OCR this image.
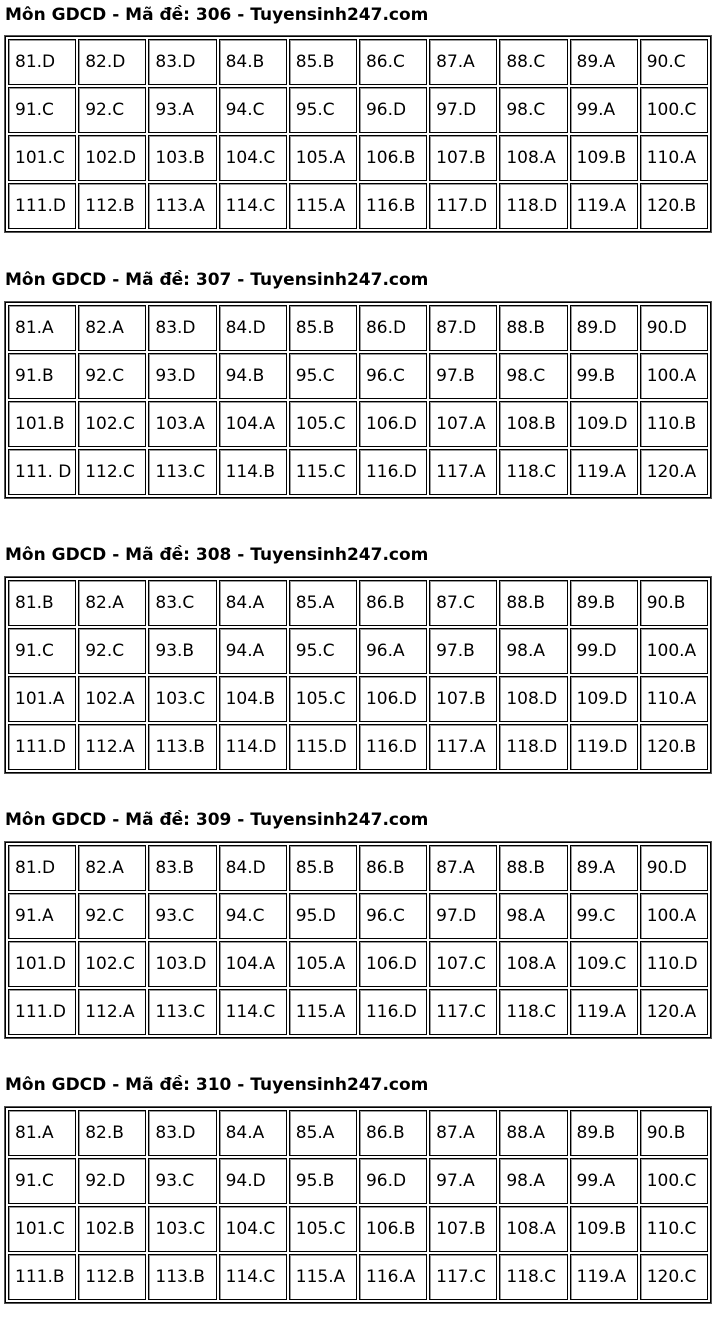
Môn GDCD - Mã đề: 306 - Tuyensinh247.com
81.D	82.D	83.D	84.B	85.B	86.C	87.A	88.C	89.A	90.C
91.C	92.C	93.A	94.C	95.C	96.D	97.D	98.C	99.A	100.C
101.C	102.D	103.B	104.C	105.A	106.B	107.B	108.A	109.B	110.A
111.D	112.B	113.A	114.C	115.A	116.B	117.D	118.D	119.A	120.B
Môn GDCD - Mã đề: 307 - Tuyensinh247.com
81.A	82.A	83.D	84.D	85.B	86.D	87.D	88.B	89.D	90.D
91.B	92.C	93.D	94.B	95.C	96.C	97.B	98.C	99.B	100.A
101.B	102.C	103.A	104.A	105.C	106.D	107.A	108.B	109.D	110.B
111. D	112.C	113.C	114.B	115.C	116.D	117.A	118.C	119.A	120.A
Môn GDCD - Mã đề: 308 - Tuyensinh247.com
81.B	82.A	83.C	84.A	85.A	86.B	87.C	88.B	89.B	90.B
91.C	92.C	93.B	94.A	95.C	96.A	97.B	98.A	99.D	100.A
101.A	102.A	103.C	104.B	105.C	106.D	107.B	108.D	109.D	110.A
111.D	112.A	113.B	114.D	115.D	116.D	117.A	118.D	119.D	120.B
Môn GDCD - Mã đề: 309 - Tuyensinh247.com
81.D	82.A	83.B	84.D	85.B	86.B	87.A	88.B	89.A	90.D
91.A	92.C	93.C	94.C	95.D	96.C	97.D	98.A	99.C	100.A
101.D	102.C	103.D	104.A	105.A	106.D	107.C	108.A	109.C	110.D
111.D	112.A	113.C	114.C	115.A	116.D	117.C	118.C	119.A	120.A
Môn GDCD - Mã đề: 310 - Tuyensinh247.com
81.A	82.B	83.D	84.A	85.A	86.B	87.A	88.A	89.B	90.B
91.C	92.D	93.C	94.D	95.B	96.D	97.A	98.A	99.A	100.C
101.C	102.B	103.C	104.C	105.C	106.B	107.B	108.A	109.B	110.C
111.B	112.B	113.B	114.C	115.A	116.A	117.C	118.C	119.A	120.C
